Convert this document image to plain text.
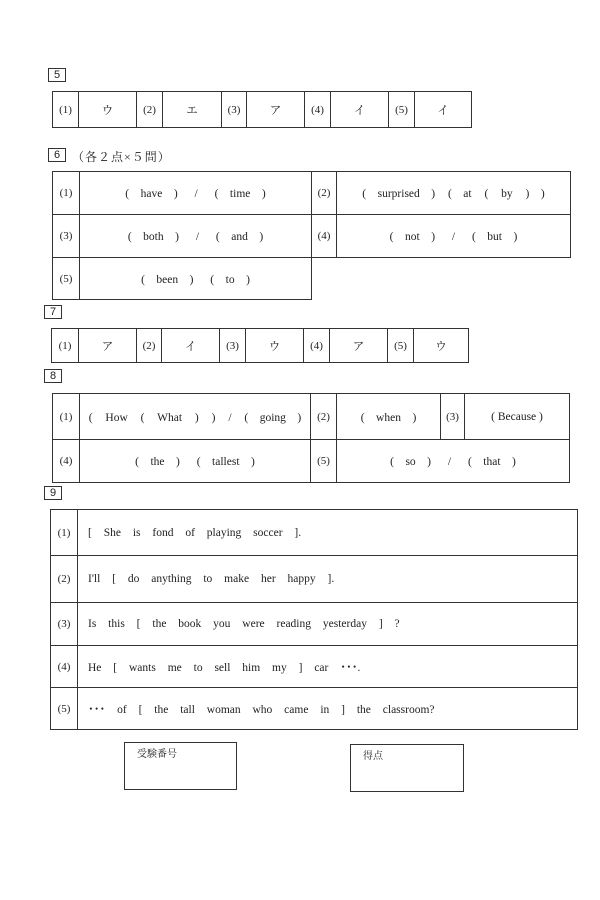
5
(1)	ウ	(2)	エ	(3)	ア	(4)	イ	(5)	イ
6 （各２点×５問）
(1)	(　have　) / (　time　)	(2)	(　surprised　) (　at ( by )　)
(3)	(　both　) / (　and　)	(4)	(　not　) / (　but　)
(5)	(　been　) (　to　)		
7
(1)	ア	(2)	イ	(3)	ウ	(4)	ア	(5)	ウ
8
(1)	( How ( What ) ) / (　going　)	(2)	(　when　)	(3)	( Because )
(4)	(　the　) (　tallest　)	(5)	(　so　) / (　that　)		
9
(1)	[ She is fond of playing soccer ].
(2)	I'll [ do anything to make her happy ].
(3)	Is this [ the book you were reading yesterday ] ?
(4)	He [ wants me to sell him my ] car ･･･.
(5)	･･･ of [ the tall woman who came in ] the classroom?
受験番号	得点
